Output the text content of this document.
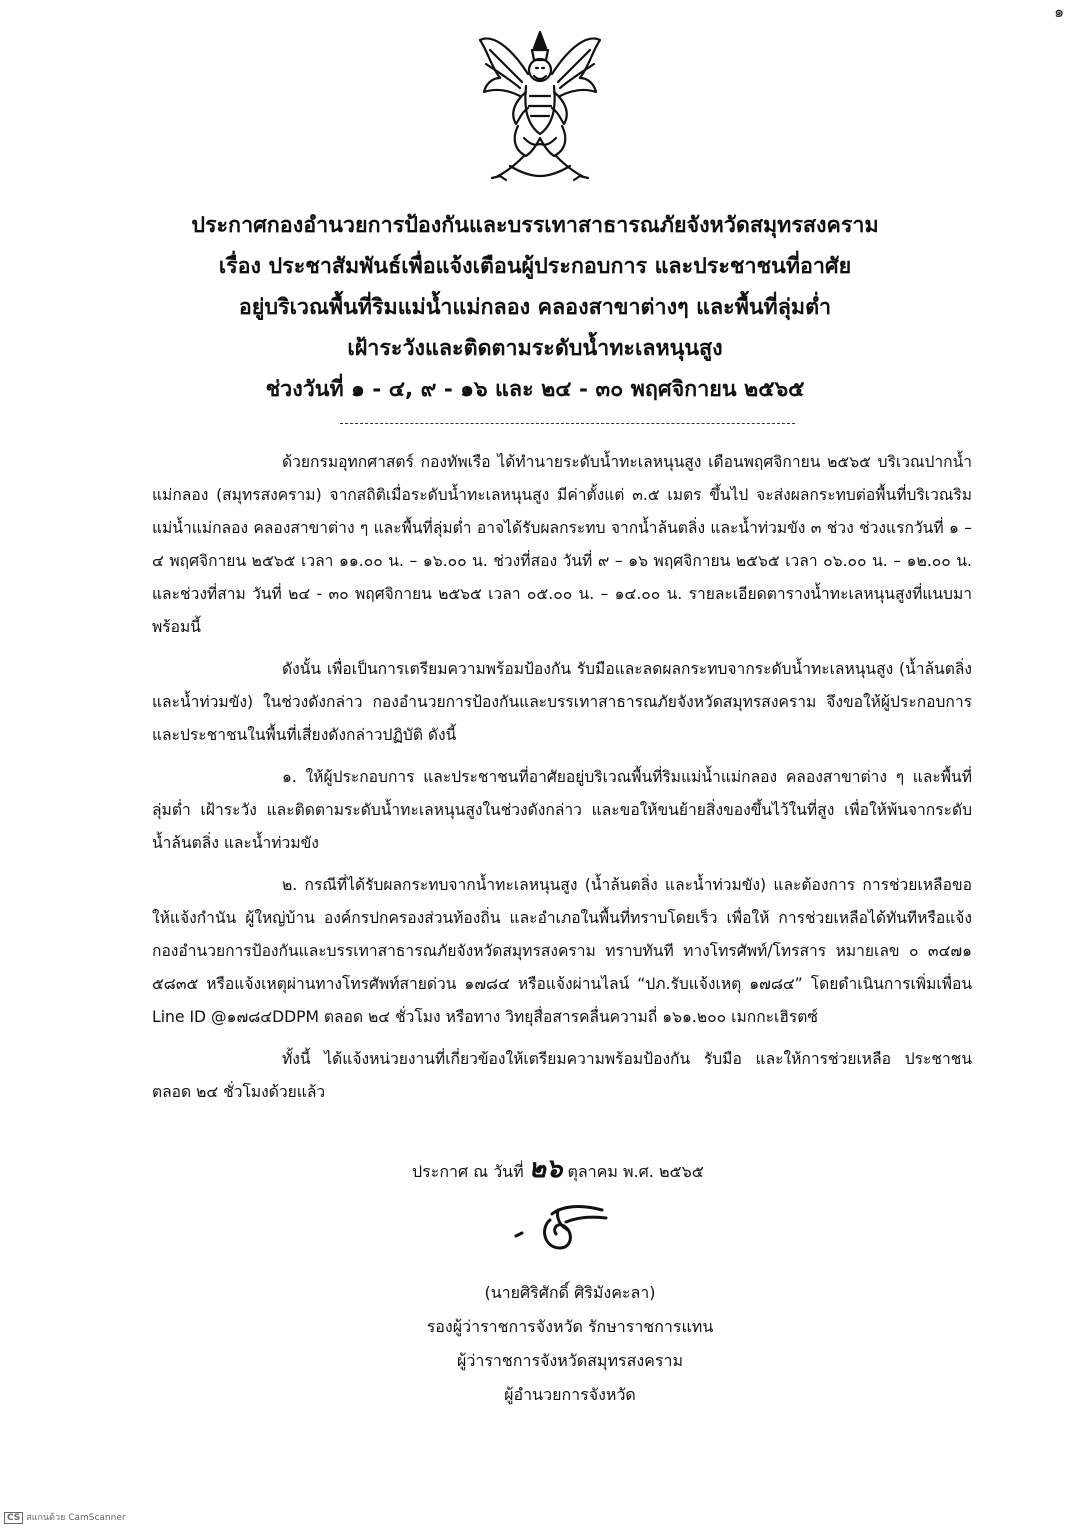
๑
ประกาศกองอำนวยการป้องกันและบรรเทาสาธารณภัยจังหวัดสมุทรสงคราม
เรื่อง ประชาสัมพันธ์เพื่อแจ้งเตือนผู้ประกอบการ และประชาชนที่อาศัย
อยู่บริเวณพื้นที่ริมแม่น้ำแม่กลอง คลองสาขาต่างๆ และพื้นที่ลุ่มต่ำ
เฝ้าระวังและติดตามระดับน้ำทะเลหนุนสูง
ช่วงวันที่ ๑ - ๔, ๙ - ๑๖ และ ๒๔ - ๓๐ พฤศจิกายน ๒๕๖๕

ด้วยกรมอุทกศาสตร์ กองทัพเรือ ได้ทำนายระดับน้ำทะเลหนุนสูง เดือนพฤศจิกายน ๒๕๖๕ บริเวณปากน้ำแม่กลอง (สมุทรสงคราม) จากสถิติเมื่อระดับน้ำทะเลหนุนสูง มีค่าตั้งแต่ ๓.๕ เมตร ขึ้นไป จะส่งผลกระทบต่อพื้นที่บริเวณริมแม่น้ำแม่กลอง คลองสาขาต่าง ๆ และพื้นที่ลุ่มต่ำ อาจได้รับผลกระทบ จากน้ำล้นตลิ่ง และน้ำท่วมขัง ๓ ช่วง ช่วงแรกวันที่ ๑ – ๔ พฤศจิกายน ๒๕๖๕ เวลา ๑๑.๐๐ น. – ๑๖.๐๐ น. ช่วงที่สอง วันที่ ๙ – ๑๖ พฤศจิกายน ๒๕๖๕ เวลา ๐๖.๐๐ น. – ๑๒.๐๐ น. และช่วงที่สาม วันที่ ๒๔ - ๓๐ พฤศจิกายน ๒๕๖๕ เวลา ๐๕.๐๐ น. – ๑๔.๐๐ น. รายละเอียดตารางน้ำทะเลหนุนสูงที่แนบมาพร้อมนี้

ดังนั้น เพื่อเป็นการเตรียมความพร้อมป้องกัน รับมือและลดผลกระทบจากระดับน้ำทะเลหนุนสูง (น้ำล้นตลิ่ง และน้ำท่วมขัง) ในช่วงดังกล่าว กองอำนวยการป้องกันและบรรเทาสาธารณภัยจังหวัดสมุทรสงคราม จึงขอให้ผู้ประกอบการ และประชาชนในพื้นที่เสี่ยงดังกล่าวปฏิบัติ ดังนี้

๑. ให้ผู้ประกอบการ และประชาชนที่อาศัยอยู่บริเวณพื้นที่ริมแม่น้ำแม่กลอง คลองสาขาต่าง ๆ และพื้นที่ลุ่มต่ำ เฝ้าระวัง และติดตามระดับน้ำทะเลหนุนสูงในช่วงดังกล่าว และขอให้ขนย้ายสิ่งของขึ้นไว้ในที่สูง เพื่อให้พ้นจากระดับน้ำล้นตลิ่ง และน้ำท่วมขัง

๒. กรณีที่ได้รับผลกระทบจากน้ำทะเลหนุนสูง (น้ำล้นตลิ่ง และน้ำท่วมขัง) และต้องการ การช่วยเหลือขอให้แจ้งกำนัน ผู้ใหญ่บ้าน องค์กรปกครองส่วนท้องถิ่น และอำเภอในพื้นที่ทราบโดยเร็ว เพื่อให้ การช่วยเหลือได้ทันทีหรือแจ้งกองอำนวยการป้องกันและบรรเทาสาธารณภัยจังหวัดสมุทรสงคราม ทราบทันที ทางโทรศัพท์/โทรสาร หมายเลข ๐ ๓๔๗๑ ๕๘๓๕ หรือแจ้งเหตุผ่านทางโทรศัพท์สายด่วน ๑๗๘๔ หรือแจ้งผ่านไลน์ “ปภ.รับแจ้งเหตุ ๑๗๘๔” โดยดำเนินการเพิ่มเพื่อน Line ID @๑๗๘๔DDPM ตลอด ๒๔ ชั่วโมง หรือทาง วิทยุสื่อสารคลื่นความถี่ ๑๖๑.๒๐๐ เมกกะเฮิรตซ์

ทั้งนี้ ได้แจ้งหน่วยงานที่เกี่ยวข้องให้เตรียมความพร้อมป้องกัน รับมือ และให้การช่วยเหลือ ประชาชน ตลอด ๒๔ ชั่วโมงด้วยแล้ว

ประกาศ ณ วันที่ ๒๖ ตุลาคม พ.ศ. ๒๕๖๕
(นายศิริศักดิ์ ศิริมังคะลา)
รองผู้ว่าราชการจังหวัด รักษาราชการแทน
ผู้ว่าราชการจังหวัดสมุทรสงคราม
ผู้อำนวยการจังหวัด
CS สแกนด้วย CamScanner
